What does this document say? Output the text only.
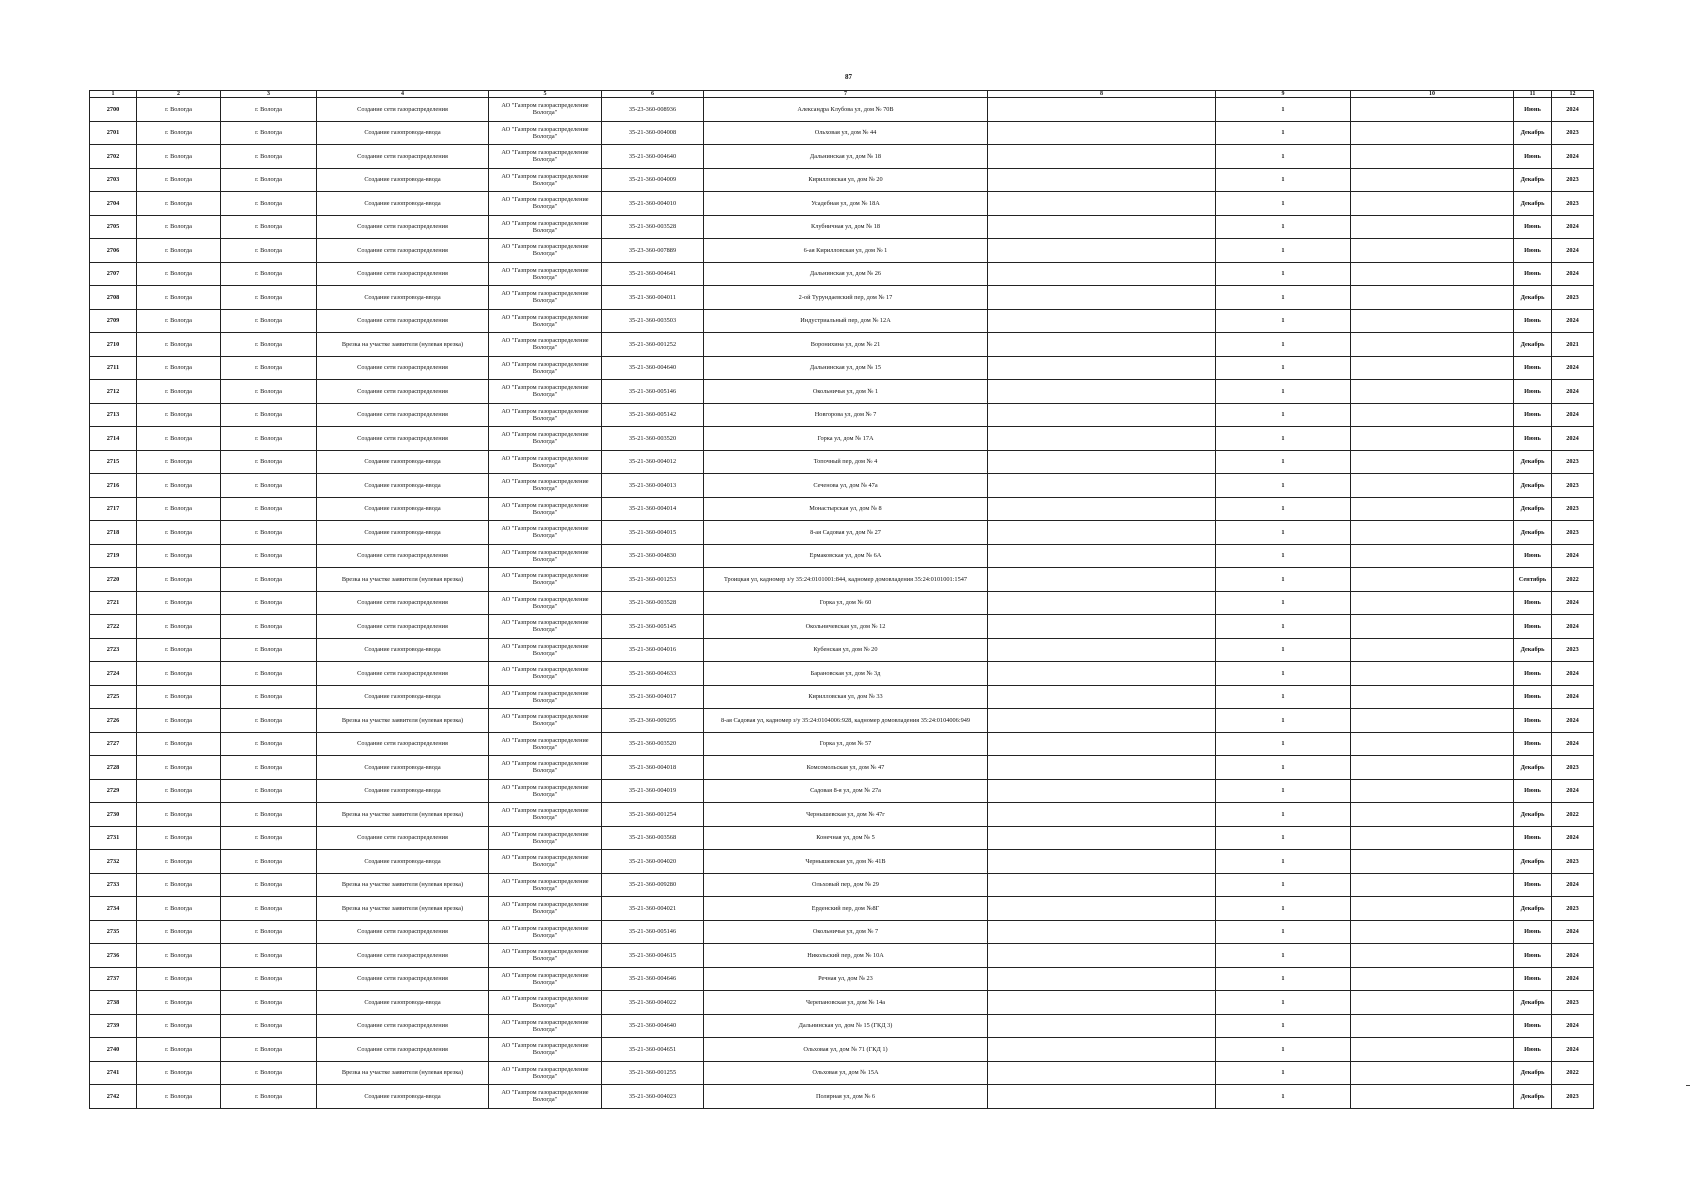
87
1	2	3	4	5	6	7	8	9	10	11	12
2700	г. Вологда	г. Вологда	Создание сети газораспределения	АО "Газпром газораспределение Вологда"	35-23-360-008936	Александра Клубова ул, дом № 70В		1		Июнь	2024
2701	г. Вологда	г. Вологда	Создание газопровода-ввода	АО "Газпром газораспределение Вологда"	35-21-360-004008	Ольховая ул, дом № 44		1		Декабрь	2023
2702	г. Вологда	г. Вологда	Создание сети газораспределения	АО "Газпром газораспределение Вологда"	35-21-360-004640	Дальнинская ул, дом № 18		1		Июнь	2024
2703	г. Вологда	г. Вологда	Создание газопровода-ввода	АО "Газпром газораспределение Вологда"	35-21-360-004009	Кирилловская ул, дом № 20		1		Декабрь	2023
2704	г. Вологда	г. Вологда	Создание газопровода-ввода	АО "Газпром газораспределение Вологда"	35-21-360-004010	Усадебная ул, дом № 18А		1		Декабрь	2023
2705	г. Вологда	г. Вологда	Создание сети газораспределения	АО "Газпром газораспределение Вологда"	35-21-360-003528	Клубничная ул, дом № 18		1		Июнь	2024
2706	г. Вологда	г. Вологда	Создание сети газораспределения	АО "Газпром газораспределение Вологда"	35-23-360-007889	6-ая Кирилловская ул, дом № 1		1		Июнь	2024
2707	г. Вологда	г. Вологда	Создание сети газораспределения	АО "Газпром газораспределение Вологда"	35-21-360-004641	Дальнинская ул, дом № 26		1		Июнь	2024
2708	г. Вологда	г. Вологда	Создание газопровода-ввода	АО "Газпром газораспределение Вологда"	35-21-360-004011	2-ой Турундаевский пер, дом № 17		1		Декабрь	2023
2709	г. Вологда	г. Вологда	Создание сети газораспределения	АО "Газпром газораспределение Вологда"	35-21-360-003503	Индустриальный пер, дом № 12А		1		Июнь	2024
2710	г. Вологда	г. Вологда	Врезка на участке заявителя (нулевая врезка)	АО "Газпром газораспределение Вологда"	35-21-360-001252	Воронихина ул, дом № 21		1		Декабрь	2021
2711	г. Вологда	г. Вологда	Создание сети газораспределения	АО "Газпром газораспределение Вологда"	35-21-360-004640	Дальнинская ул, дом № 15		1		Июнь	2024
2712	г. Вологда	г. Вологда	Создание сети газораспределения	АО "Газпром газораспределение Вологда"	35-21-360-005146	Окольничья ул, дом № 1		1		Июнь	2024
2713	г. Вологда	г. Вологда	Создание сети газораспределения	АО "Газпром газораспределение Вологда"	35-21-360-005142	Новгорова ул, дом № 7		1		Июнь	2024
2714	г. Вологда	г. Вологда	Создание сети газораспределения	АО "Газпром газораспределение Вологда"	35-21-360-003520	Горка ул, дом № 17А		1		Июнь	2024
2715	г. Вологда	г. Вологда	Создание газопровода-ввода	АО "Газпром газораспределение Вологда"	35-21-360-004012	Топочный пер, дом № 4		1		Декабрь	2023
2716	г. Вологда	г. Вологда	Создание газопровода-ввода	АО "Газпром газораспределение Вологда"	35-21-360-004013	Сеченова ул, дом № 47а		1		Декабрь	2023
2717	г. Вологда	г. Вологда	Создание газопровода-ввода	АО "Газпром газораспределение Вологда"	35-21-360-004014	Монастырская ул, дом № 8		1		Декабрь	2023
2718	г. Вологда	г. Вологда	Создание газопровода-ввода	АО "Газпром газораспределение Вологда"	35-21-360-004015	8-ая Садовая ул, дом № 27		1		Декабрь	2023
2719	г. Вологда	г. Вологда	Создание сети газораспределения	АО "Газпром газораспределение Вологда"	35-21-360-004830	Ермаковская ул, дом № 6А		1		Июнь	2024
2720	г. Вологда	г. Вологда	Врезка на участке заявителя (нулевая врезка)	АО "Газпром газораспределение Вологда"	35-21-360-001253	Троицкая ул, кадномер з/у 35:24:0101001:844, кадномер домовладения 35:24:0101001:1547		1		Сентябрь	2022
2721	г. Вологда	г. Вологда	Создание сети газораспределения	АО "Газпром газораспределение Вологда"	35-21-360-003528	Горка ул, дом № 60		1		Июнь	2024
2722	г. Вологда	г. Вологда	Создание сети газораспределения	АО "Газпром газораспределение Вологда"	35-21-360-005145	Окольничевская ул, дом № 12		1		Июнь	2024
2723	г. Вологда	г. Вологда	Создание газопровода-ввода	АО "Газпром газораспределение Вологда"	35-21-360-004016	Кубенская ул, дом № 20		1		Декабрь	2023
2724	г. Вологда	г. Вологда	Создание сети газораспределения	АО "Газпром газораспределение Вологда"	35-21-360-004633	Барановская ул, дом № 3д		1		Июнь	2024
2725	г. Вологда	г. Вологда	Создание газопровода-ввода	АО "Газпром газораспределение Вологда"	35-21-360-004017	Кирилловская ул, дом № 33		1		Июнь	2024
2726	г. Вологда	г. Вологда	Врезка на участке заявителя (нулевая врезка)	АО "Газпром газораспределение Вологда"	35-23-360-009295	8-ая Садовая ул, кадномер з/у 35:24:0104006:928, кадномер домовладения 35:24:0104006:949		1		Июнь	2024
2727	г. Вологда	г. Вологда	Создание сети газораспределения	АО "Газпром газораспределение Вологда"	35-21-360-003520	Горка ул, дом № 57		1		Июнь	2024
2728	г. Вологда	г. Вологда	Создание газопровода-ввода	АО "Газпром газораспределение Вологда"	35-21-360-004018	Комсомольская ул, дом № 47		1		Декабрь	2023
2729	г. Вологда	г. Вологда	Создание газопровода-ввода	АО "Газпром газораспределение Вологда"	35-21-360-004019	Садовая 8-я ул, дом № 27а		1		Июнь	2024
2730	г. Вологда	г. Вологда	Врезка на участке заявителя (нулевая врезка)	АО "Газпром газораспределение Вологда"	35-21-360-001254	Чернышевская ул, дом № 47г		1		Декабрь	2022
2731	г. Вологда	г. Вологда	Создание сети газораспределения	АО "Газпром газораспределение Вологда"	35-21-360-003568	Конечная ул, дом № 5		1		Июнь	2024
2732	г. Вологда	г. Вологда	Создание газопровода-ввода	АО "Газпром газораспределение Вологда"	35-21-360-004020	Чернышевская ул, дом № 41В		1		Декабрь	2023
2733	г. Вологда	г. Вологда	Врезка на участке заявителя (нулевая врезка)	АО "Газпром газораспределение Вологда"	35-21-360-009280	Ольховый пер, дом № 29		1		Июнь	2024
2734	г. Вологда	г. Вологда	Врезка на участке заявителя (нулевая врезка)	АО "Газпром газораспределение Вологда"	35-21-360-004021	Ерденский пер, дом №8Г		1		Декабрь	2023
2735	г. Вологда	г. Вологда	Создание сети газораспределения	АО "Газпром газораспределение Вологда"	35-21-360-005146	Окольничья ул, дом № 7		1		Июнь	2024
2736	г. Вологда	г. Вологда	Создание сети газораспределения	АО "Газпром газораспределение Вологда"	35-21-360-004615	Никольский пер, дом № 10А		1		Июнь	2024
2737	г. Вологда	г. Вологда	Создание сети газораспределения	АО "Газпром газораспределение Вологда"	35-21-360-004646	Речная ул, дом № 23		1		Июнь	2024
2738	г. Вологда	г. Вологда	Создание газопровода-ввода	АО "Газпром газораспределение Вологда"	35-21-360-004022	Черепановская ул, дом № 14а		1		Декабрь	2023
2739	г. Вологда	г. Вологда	Создание сети газораспределения	АО "Газпром газораспределение Вологда"	35-21-360-004640	Дальнинская ул, дом № 15 (ГКД 3)		1		Июнь	2024
2740	г. Вологда	г. Вологда	Создание сети газораспределения	АО "Газпром газораспределение Вологда"	35-21-360-004651	Ольховая ул, дом № 71 (ГКД 1)		1		Июнь	2024
2741	г. Вологда	г. Вологда	Врезка на участке заявителя (нулевая врезка)	АО "Газпром газораспределение Вологда"	35-21-360-001255	Ольховая ул, дом № 15А		1		Декабрь	2022
2742	г. Вологда	г. Вологда	Создание газопровода-ввода	АО "Газпром газораспределение Вологда"	35-21-360-004023	Полярная ул, дом № 6		1		Декабрь	2023
